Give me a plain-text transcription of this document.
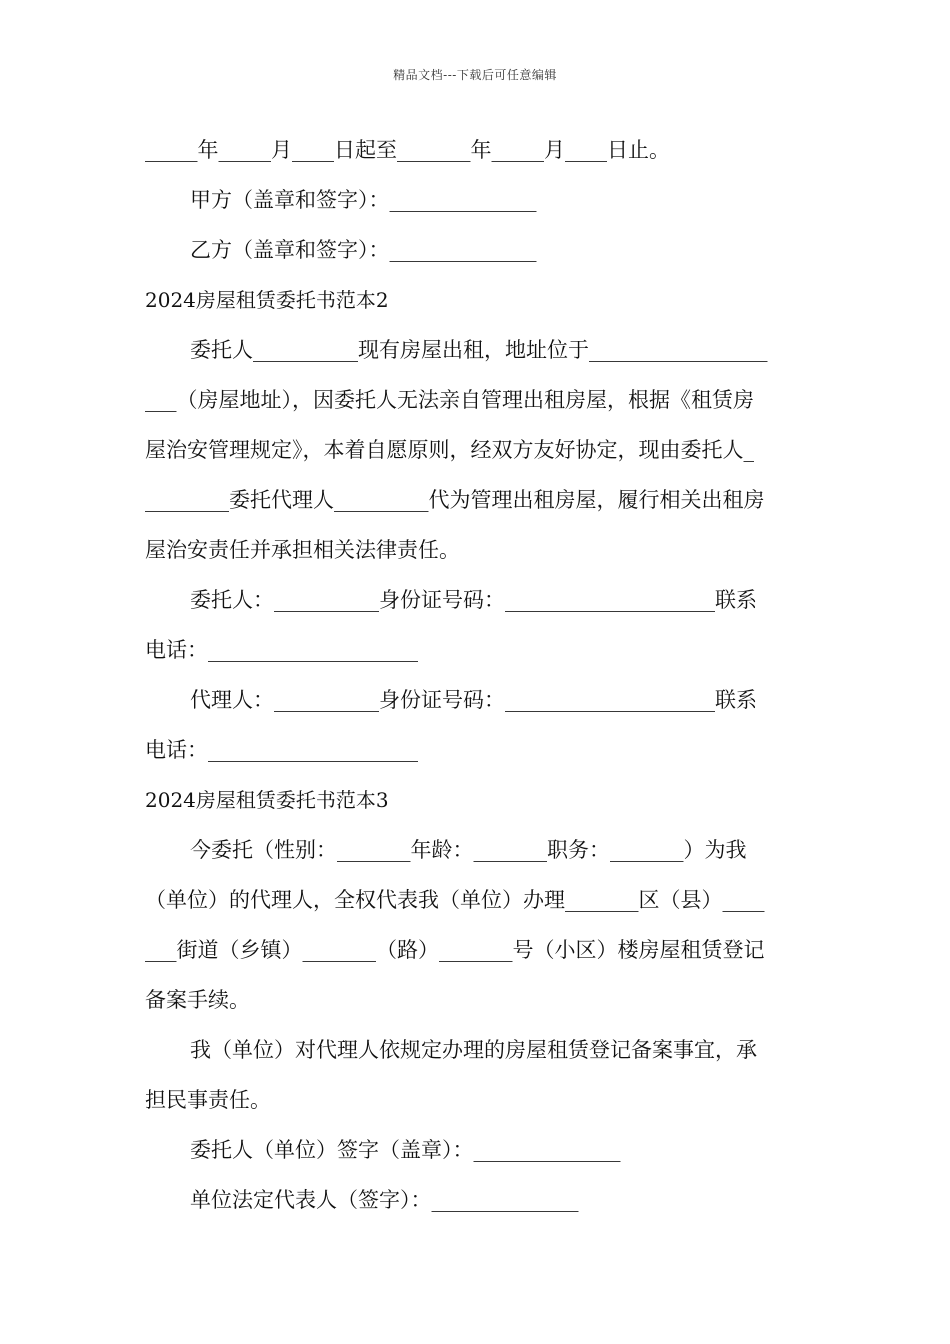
精品文档---下载后可任意编辑
_____年_____月____日起至_______年_____月____日止。
甲方（盖章和签字）：______________
乙方（盖章和签字）：______________
2024房屋租赁委托书范本2
委托人__________现有房屋出租，地址位于_________________
___（房屋地址），因委托人无法亲自管理出租房屋，根据《租赁房
屋治安管理规定》，本着自愿原则，经双方友好协定，现由委托人_
________委托代理人_________代为管理出租房屋，履行相关出租房
屋治安责任并承担相关法律责任。
委托人：__________身份证号码：____________________联系
电话：____________________
代理人：__________身份证号码：____________________联系
电话：____________________
2024房屋租赁委托书范本3
今委托（性别：_______年龄：_______职务：_______）为我
（单位）的代理人，全权代表我（单位）办理_______区（县）____
___街道（乡镇）_______（路）_______号（小区）楼房屋租赁登记
备案手续。
我（单位）对代理人依规定办理的房屋租赁登记备案事宜，承
担民事责任。
委托人（单位）签字（盖章）：______________
单位法定代表人（签字）：______________
